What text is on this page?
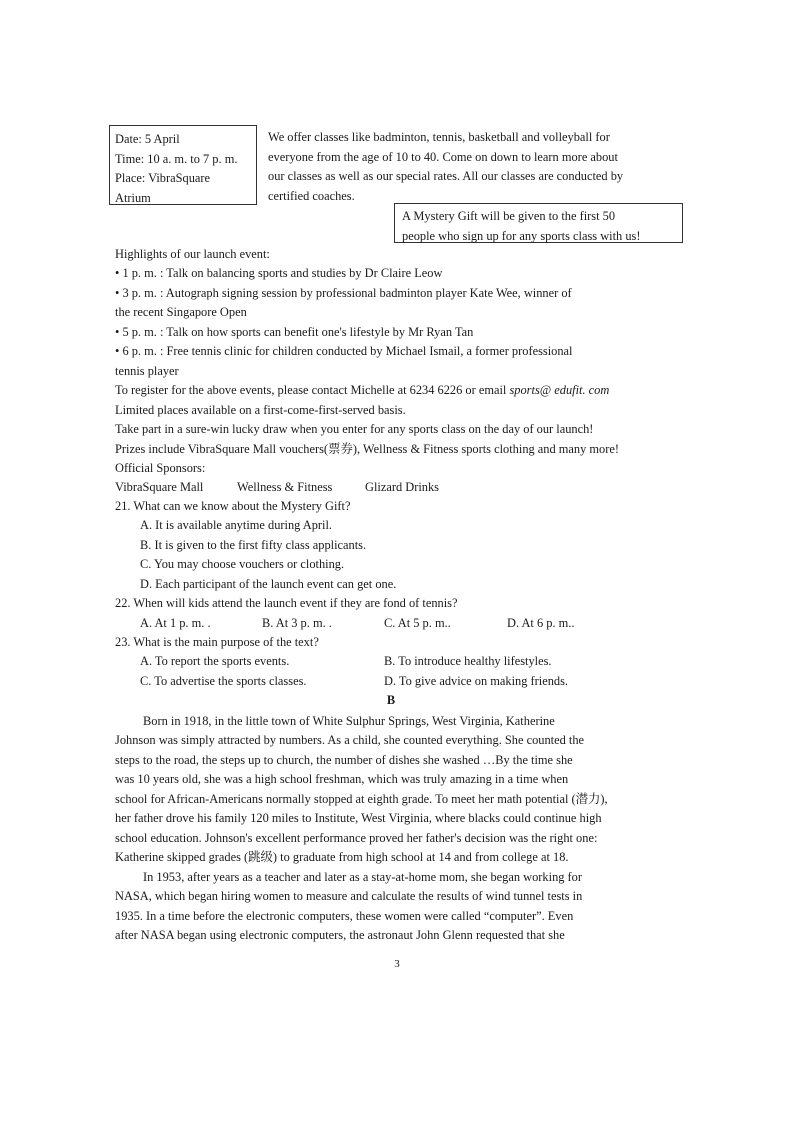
Date: 5 April
Time: 10 a. m. to 7 p. m.
Place: VibraSquare
Atrium
We offer classes like badminton, tennis, basketball and volleyball for
everyone from the age of 10 to 40. Come on down to learn more about
our classes as well as our special rates. All our classes are conducted by
certified coaches.
A Mystery Gift will be given to the first 50
people who sign up for any sports class with us!
Highlights of our launch event:
• 1 p. m. : Talk on balancing sports and studies by Dr Claire Leow
• 3 p. m. : Autograph signing session by professional badminton player Kate Wee, winner of
the recent Singapore Open
• 5 p. m. : Talk on how sports can benefit one's lifestyle by Mr Ryan Tan
• 6 p. m. : Free tennis clinic for children conducted by Michael Ismail, a former professional
tennis player
To register for the above events, please contact Michelle at 6234 6226 or email sports@ edufit. com
Limited places available on a first-come-first-served basis.
Take part in a sure-win lucky draw when you enter for any sports class on the day of our launch!
Prizes include VibraSquare Mall vouchers(票券), Wellness & Fitness sports clothing and many more!
Official Sponsors:
VibraSquare Mall	Wellness & Fitness	Glizard Drinks
21. What can we know about the Mystery Gift?
A. It is available anytime during April.
B. It is given to the first fifty class applicants.
C. You may choose vouchers or clothing.
D. Each participant of the launch event can get one.
22. When will kids attend the launch event if they are fond of tennis?
A. At 1 p. m. .	B. At 3 p. m. .	C. At 5 p. m..	D. At 6 p. m..
23. What is the main purpose of the text?
A. To report the sports events.	B. To introduce healthy lifestyles.
C. To advertise the sports classes.	D. To give advice on making friends.
B
Born in 1918, in the little town of White Sulphur Springs, West Virginia, Katherine
Johnson was simply attracted by numbers. As a child, she counted everything. She counted the
steps to the road, the steps up to church, the number of dishes she washed …By the time she
was 10 years old, she was a high school freshman, which was truly amazing in a time when
school for African-Americans normally stopped at eighth grade. To meet her math potential (潜力),
her father drove his family 120 miles to Institute, West Virginia, where blacks could continue high
school education. Johnson's excellent performance proved her father's decision was the right one:
Katherine skipped grades (跳级) to graduate from high school at 14 and from college at 18.
In 1953, after years as a teacher and later as a stay-at-home mom, she began working for
NASA, which began hiring women to measure and calculate the results of wind tunnel tests in
1935. In a time before the electronic computers, these women were called “computer”. Even
after NASA began using electronic computers, the astronaut John Glenn requested that she
3
